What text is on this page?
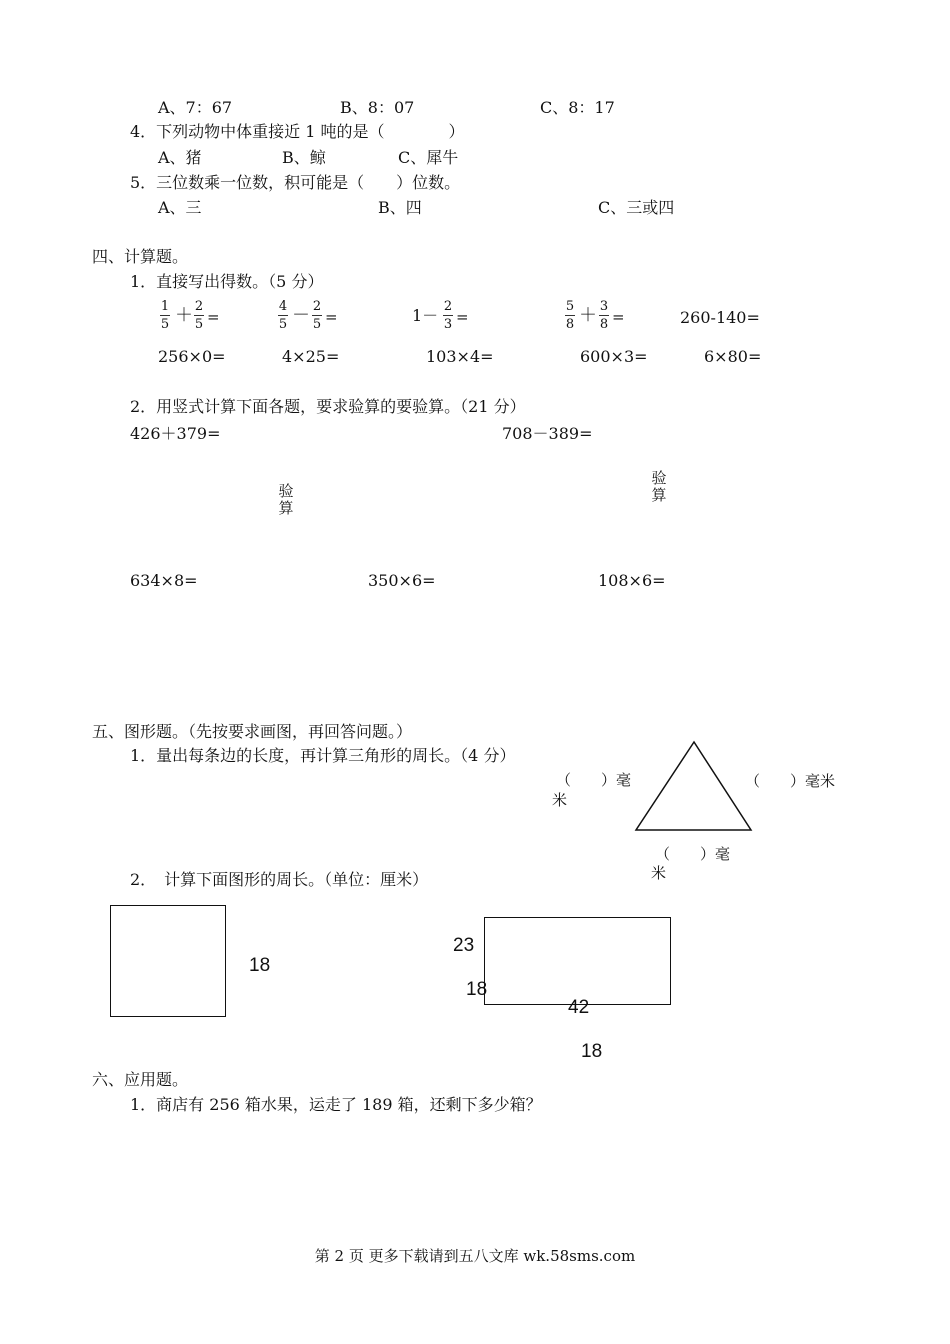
A、7：67	B、8：07	C、8：17
4．下列动物中体重接近 1 吨的是（　　　　）
A、猪	B、鲸	C、犀牛
5．三位数乘一位数，积可能是（　　）位数。
A、三	B、四	C、三或四
四、计算题。
1．直接写出得数。（5 分）
$\frac{1}{5} + \frac{2}{5}$ =	$\frac{4}{5} - \frac{2}{5}$ =	$1- \frac{2}{3}$ =	$\frac{5}{8} + \frac{3}{8}$ =	260-140=
256×0=	4×25=	103×4=	600×3=	6×80=
2．用竖式计算下面各题，要求验算的要验算。（21 分）
426＋379=	708－389=
验
算
验
算
634×8=	350×6=	108×6=
五、图形题。（先按要求画图，再回答问题。）
1．量出每条边的长度，再计算三角形的周长。（4 分）
（　　）毫
米
（　　）毫米
（　　）毫
米
2．　计算下面图形的周长。（单位：厘米）
18
23
18
42
18
六、应用题。
1．商店有 256 箱水果，运走了 189 箱，还剩下多少箱？
第 2 页 更多下载请到五八文库 wk.58sms.com
